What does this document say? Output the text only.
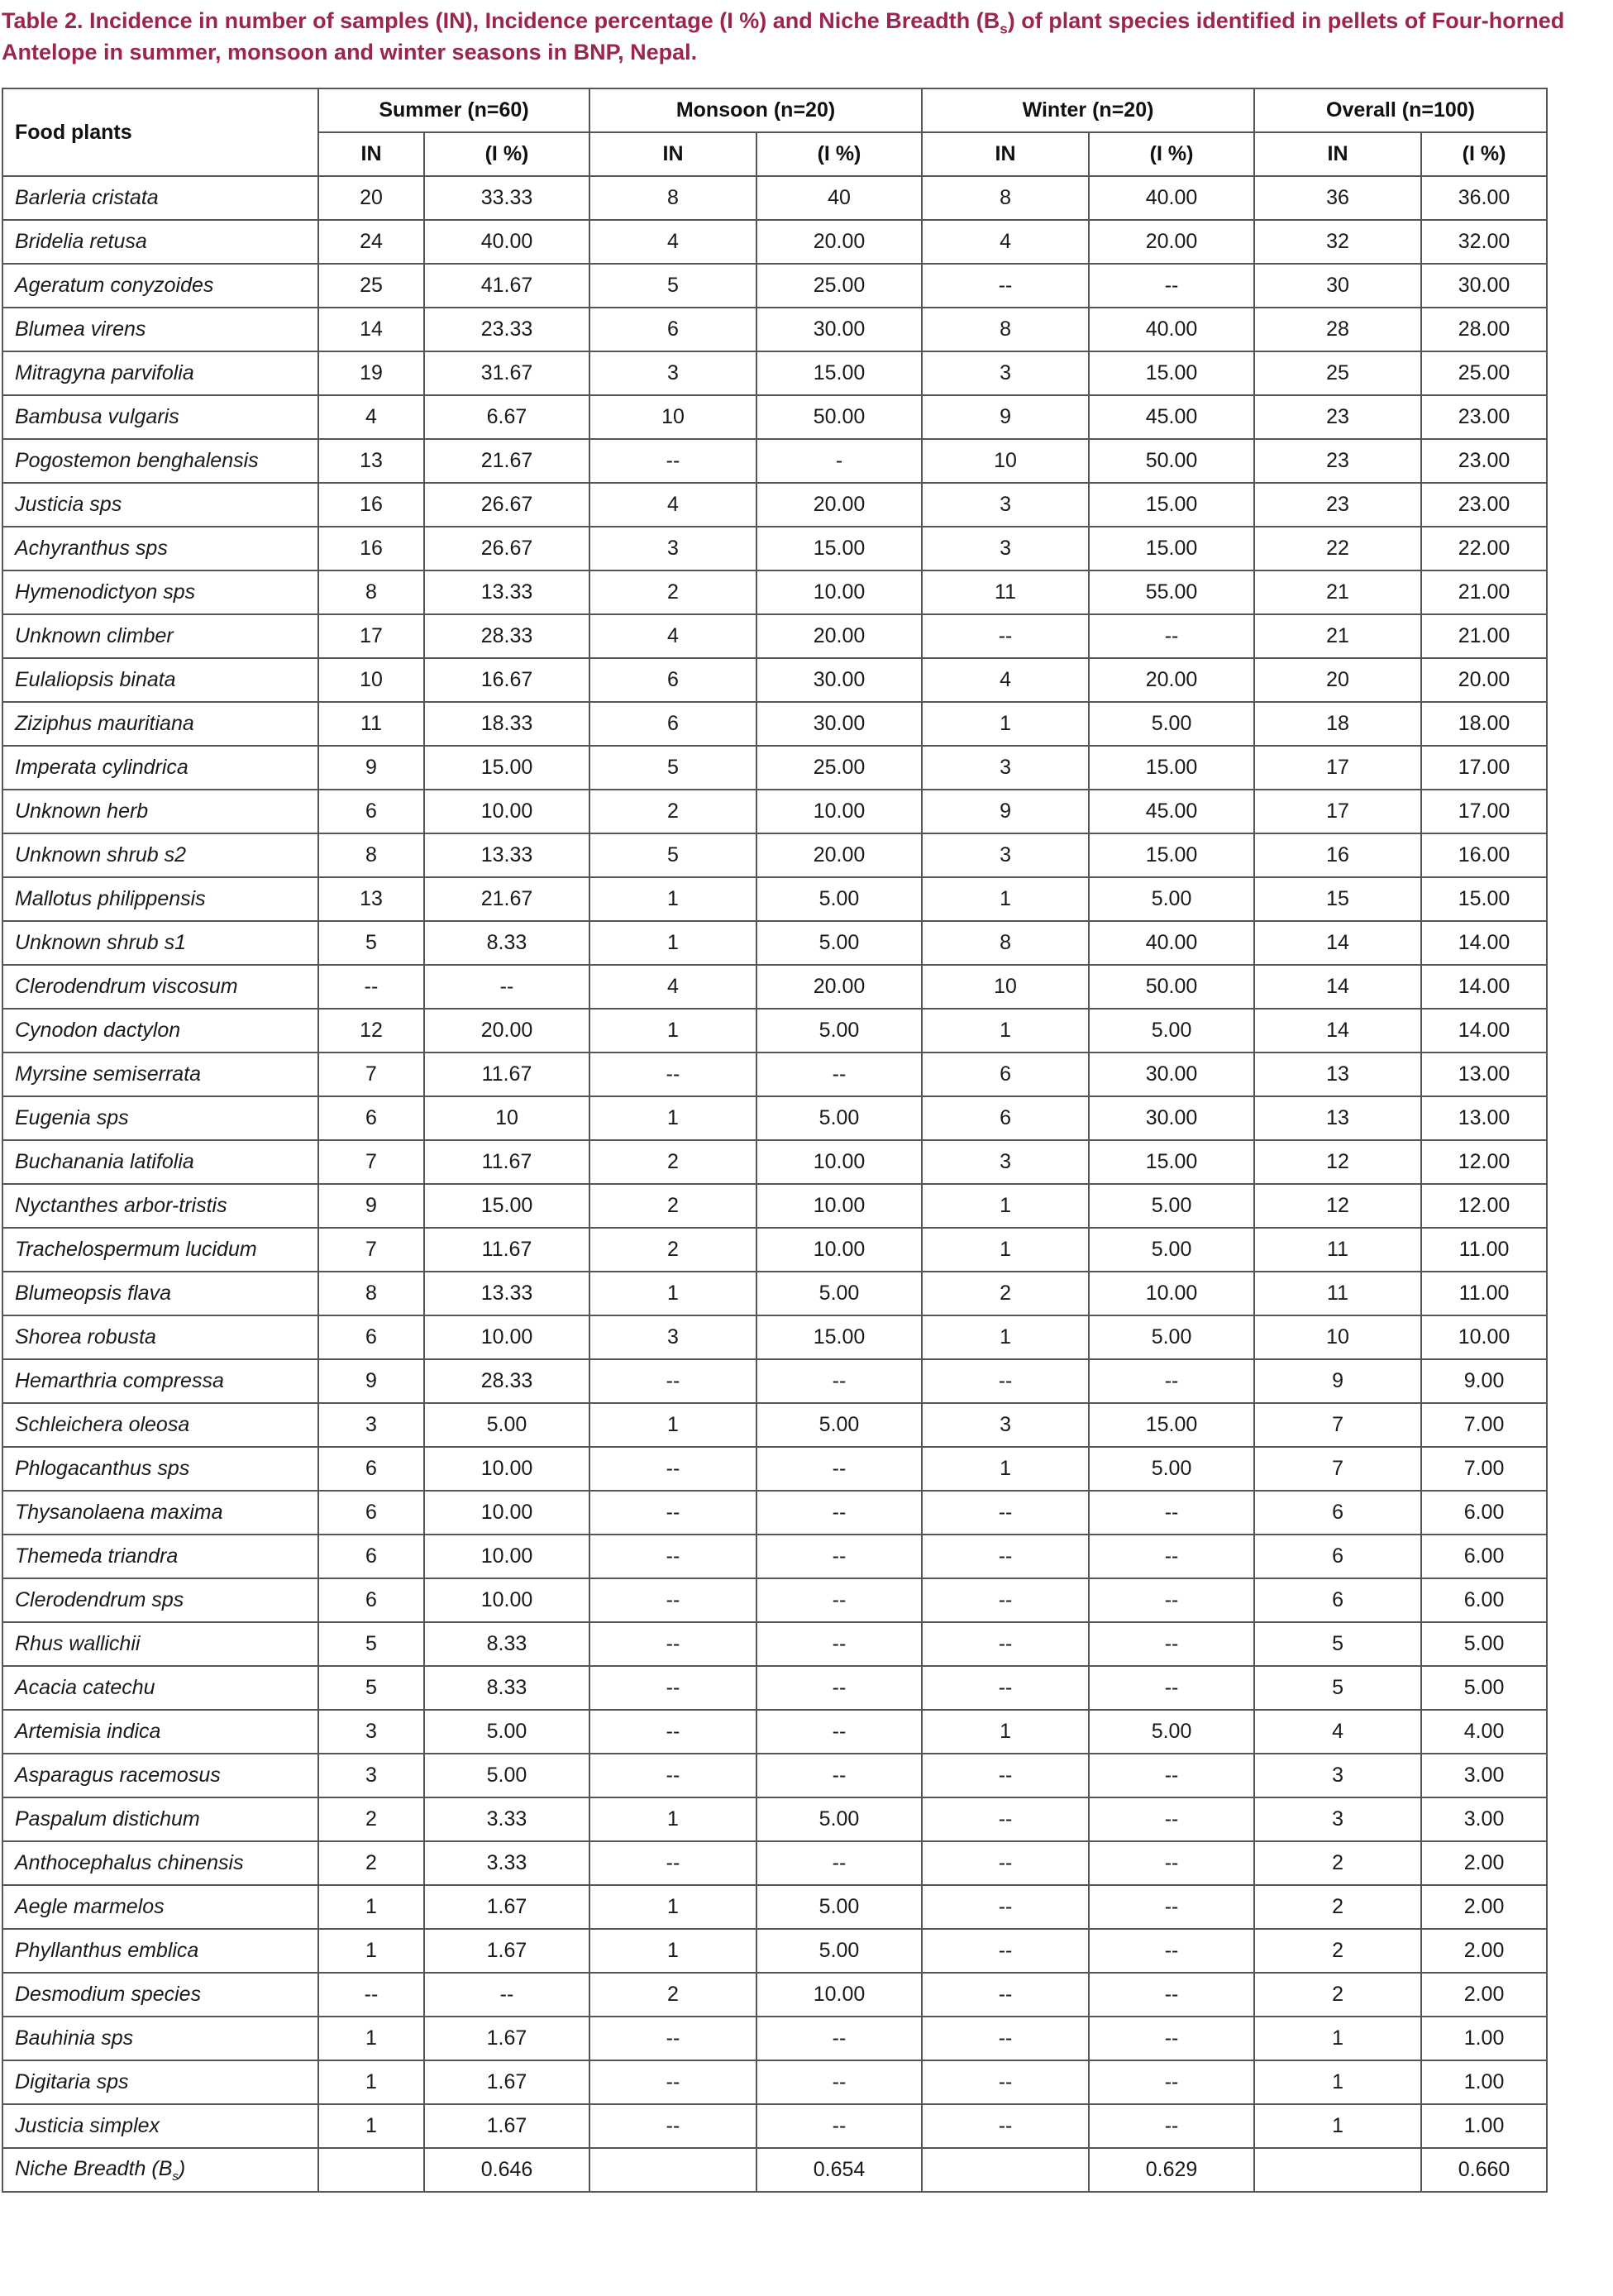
Table 2. Incidence in number of samples (IN), Incidence percentage (I %) and Niche Breadth $(B_s)$ of plant species identified in pellets of Four-horned Antelope in summer, monsoon and winter seasons in BNP, Nepal.
Food plants	Summer (n=60)		Monsoon (n=20)		Winter (n=20)		Overall (n=100)	
	IN	(I %)	IN	(I %)	IN	(I %)	IN	(I %)
Barleria cristata	20	33.33	8	40	8	40.00	36	36.00
Bridelia retusa	24	40.00	4	20.00	4	20.00	32	32.00
Ageratum conyzoides	25	41.67	5	25.00	--	--	30	30.00
Blumea virens	14	23.33	6	30.00	8	40.00	28	28.00
Mitragyna parvifolia	19	31.67	3	15.00	3	15.00	25	25.00
Bambusa vulgaris	4	6.67	10	50.00	9	45.00	23	23.00
Pogostemon benghalensis	13	21.67	--	-	10	50.00	23	23.00
Justicia sps	16	26.67	4	20.00	3	15.00	23	23.00
Achyranthus sps	16	26.67	3	15.00	3	15.00	22	22.00
Hymenodictyon sps	8	13.33	2	10.00	11	55.00	21	21.00
Unknown climber	17	28.33	4	20.00	--	--	21	21.00
Eulaliopsis binata	10	16.67	6	30.00	4	20.00	20	20.00
Ziziphus mauritiana	11	18.33	6	30.00	1	5.00	18	18.00
Imperata cylindrica	9	15.00	5	25.00	3	15.00	17	17.00
Unknown herb	6	10.00	2	10.00	9	45.00	17	17.00
Unknown shrub s2	8	13.33	5	20.00	3	15.00	16	16.00
Mallotus philippensis	13	21.67	1	5.00	1	5.00	15	15.00
Unknown shrub s1	5	8.33	1	5.00	8	40.00	14	14.00
Clerodendrum viscosum	--	--	4	20.00	10	50.00	14	14.00
Cynodon dactylon	12	20.00	1	5.00	1	5.00	14	14.00
Myrsine semiserrata	7	11.67	--	--	6	30.00	13	13.00
Eugenia sps	6	10	1	5.00	6	30.00	13	13.00
Buchanania latifolia	7	11.67	2	10.00	3	15.00	12	12.00
Nyctanthes arbor-tristis	9	15.00	2	10.00	1	5.00	12	12.00
Trachelospermum lucidum	7	11.67	2	10.00	1	5.00	11	11.00
Blumeopsis flava	8	13.33	1	5.00	2	10.00	11	11.00
Shorea robusta	6	10.00	3	15.00	1	5.00	10	10.00
Hemarthria compressa	9	28.33	--	--	--	--	9	9.00
Schleichera oleosa	3	5.00	1	5.00	3	15.00	7	7.00
Phlogacanthus sps	6	10.00	--	--	1	5.00	7	7.00
Thysanolaena maxima	6	10.00	--	--	--	--	6	6.00
Themeda triandra	6	10.00	--	--	--	--	6	6.00
Clerodendrum sps	6	10.00	--	--	--	--	6	6.00
Rhus wallichii	5	8.33	--	--	--	--	5	5.00
Acacia catechu	5	8.33	--	--	--	--	5	5.00
Artemisia indica	3	5.00	--	--	1	5.00	4	4.00
Asparagus racemosus	3	5.00	--	--	--	--	3	3.00
Paspalum distichum	2	3.33	1	5.00	--	--	3	3.00
Anthocephalus chinensis	2	3.33	--	--	--	--	2	2.00
Aegle marmelos	1	1.67	1	5.00	--	--	2	2.00
Phyllanthus emblica	1	1.67	1	5.00	--	--	2	2.00
Desmodium species	--	--	2	10.00	--	--	2	2.00
Bauhinia sps	1	1.67	--	--	--	--	1	1.00
Digitaria sps	1	1.67	--	--	--	--	1	1.00
Justicia simplex	1	1.67	--	--	--	--	1	1.00
Niche Breadth $(B_s)$		0.646		0.654		0.629		0.660
